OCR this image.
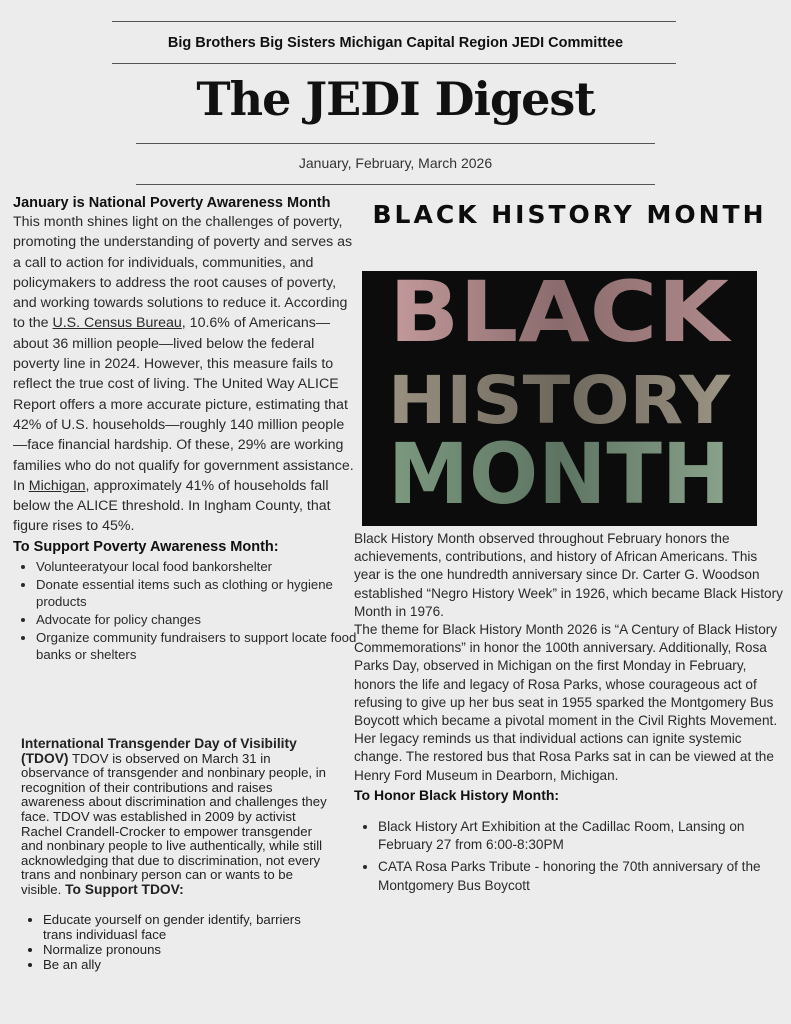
Big Brothers Big Sisters Michigan Capital Region JEDI Committee
The JEDI Digest
January, February, March 2026
January is National Poverty Awareness Month
This month shines light on the challenges of poverty, promoting the understanding of poverty and serves as a call to action for individuals, communities, and policymakers to address the root causes of poverty, and working towards solutions to reduce it. According to the U.S. Census Bureau, 10.6% of Americans—about 36 million people—lived below the federal poverty line in 2024. However, this measure fails to reflect the true cost of living. The United Way ALICE Report offers a more accurate picture, estimating that 42% of U.S. households—roughly 140 million people—face financial hardship. Of these, 29% are working families who do not qualify for government assistance. In Michigan, approximately 41% of households fall below the ALICE threshold. In Ingham County, that figure rises to 45%.
To Support Poverty Awareness Month:
• Volunteeratyour local food bankorshelter
• Donate essential items such as clothing or hygiene products
• Advocate for policy changes
• Organize community fundraisers to support locate food banks or shelters
International Transgender Day of Visibility (TDOV) TDOV is observed on March 31 in observance of transgender and nonbinary people, in recognition of their contributions and raises awareness about discrimination and challenges they face. TDOV was established in 2009 by activist Rachel Crandell-Crocker to empower transgender and nonbinary people to live authentically, while still acknowledging that due to discrimination, not every trans and nonbinary person can or wants to be visible. To Support TDOV:
• Educate yourself on gender identify, barriers trans individuasl face
• Normalize pronouns
• Be an ally
BLACK HISTORY MONTH
BLACK
HISTORY
MONTH
Black History Month observed throughout February honors the achievements, contributions, and history of African Americans. This year is the one hundredth anniversary since Dr. Carter G. Woodson established “Negro History Week” in 1926, which became Black History Month in 1976.
The theme for Black History Month 2026 is “A Century of Black History Commemorations” in honor the 100th anniversary. Additionally, Rosa Parks Day, observed in Michigan on the first Monday in February, honors the life and legacy of Rosa Parks, whose courageous act of refusing to give up her bus seat in 1955 sparked the Montgomery Bus Boycott which became a pivotal moment in the Civil Rights Movement. Her legacy reminds us that individual actions can ignite systemic change. The restored bus that Rosa Parks sat in can be viewed at the Henry Ford Museum in Dearborn, Michigan.
To Honor Black History Month:
• Black History Art Exhibition at the Cadillac Room, Lansing on February 27 from 6:00-8:30PM
• CATA Rosa Parks Tribute - honoring the 70th anniversary of the Montgomery Bus Boycott
